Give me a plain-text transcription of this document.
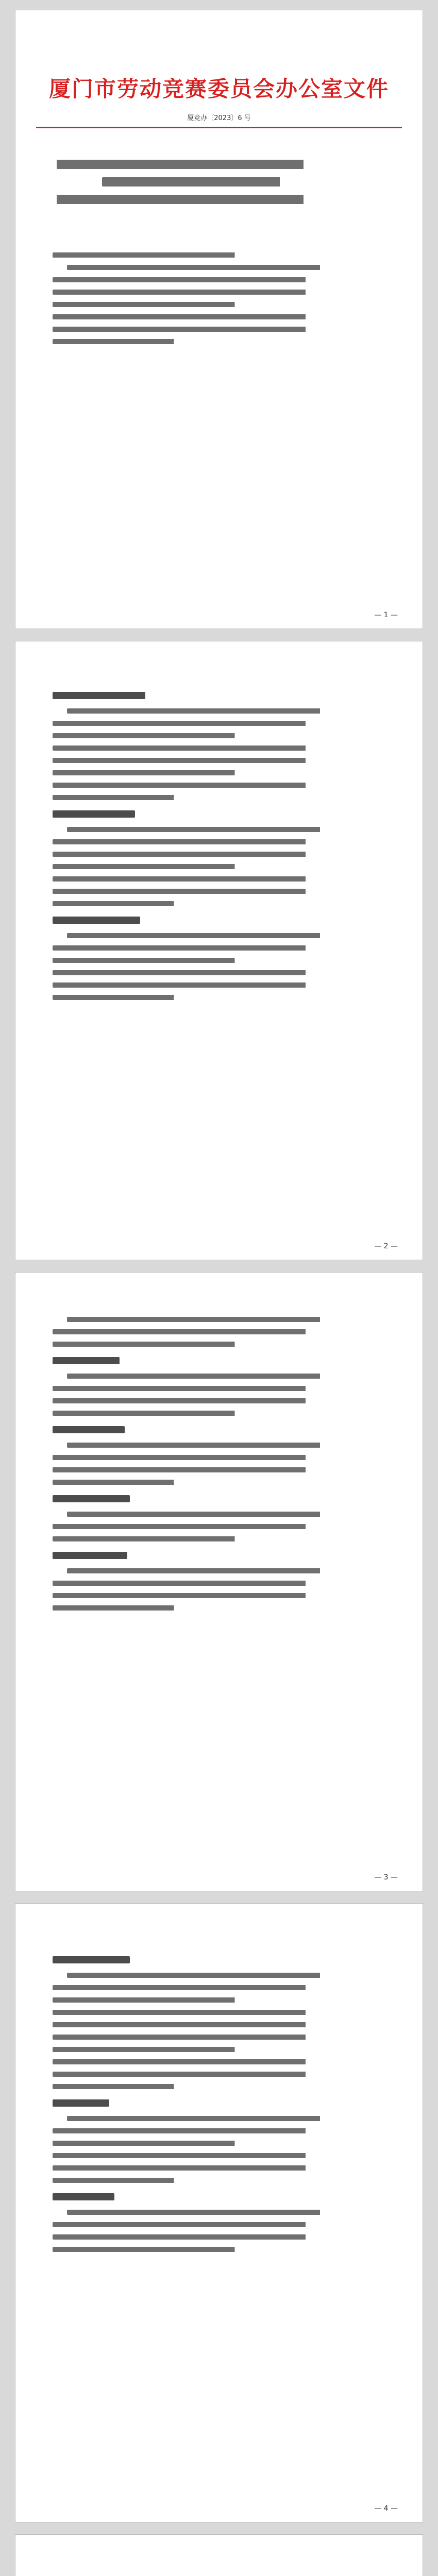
厦门市劳动竞赛委员会办公室文件
厦竞办〔2023〕6 号
— 1 —
— 2 —
— 3 —
— 4 —
